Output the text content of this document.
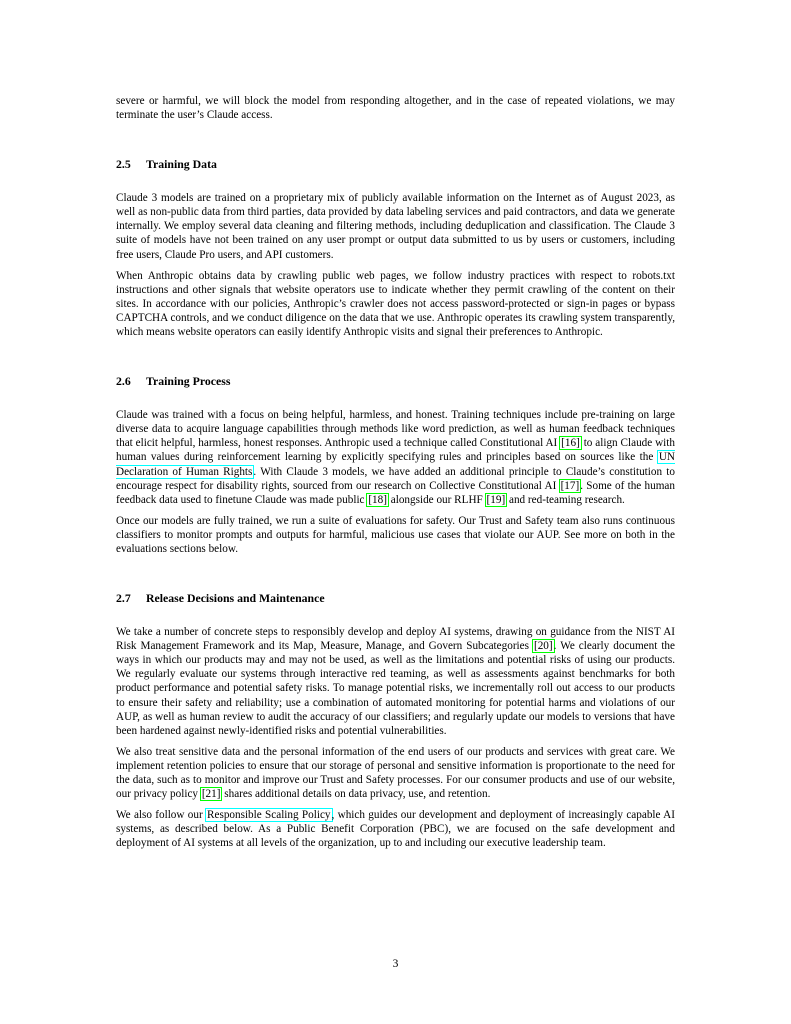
severe or harmful, we will block the model from responding altogether, and in the case of repeated violations, we may terminate the user’s Claude access.

2.5 Training Data

Claude 3 models are trained on a proprietary mix of publicly available information on the Internet as of August 2023, as well as non-public data from third parties, data provided by data labeling services and paid contractors, and data we generate internally. We employ several data cleaning and filtering methods, including deduplication and classification. The Claude 3 suite of models have not been trained on any user prompt or output data submitted to us by users or customers, including free users, Claude Pro users, and API customers.

When Anthropic obtains data by crawling public web pages, we follow industry practices with respect to robots.txt instructions and other signals that website operators use to indicate whether they permit crawling of the content on their sites. In accordance with our policies, Anthropic’s crawler does not access password-protected or sign-in pages or bypass CAPTCHA controls, and we conduct diligence on the data that we use. Anthropic operates its crawling system transparently, which means website operators can easily identify Anthropic visits and signal their preferences to Anthropic.

2.6 Training Process

Claude was trained with a focus on being helpful, harmless, and honest. Training techniques include pre-training on large diverse data to acquire language capabilities through methods like word prediction, as well as human feedback techniques that elicit helpful, harmless, honest responses. Anthropic used a technique called Constitutional AI [16] to align Claude with human values during reinforcement learning by explicitly specifying rules and principles based on sources like the UN Declaration of Human Rights. With Claude 3 models, we have added an additional principle to Claude’s constitution to encourage respect for disability rights, sourced from our research on Collective Constitutional AI [17]. Some of the human feedback data used to finetune Claude was made public [18] alongside our RLHF [19] and red-teaming research.

Once our models are fully trained, we run a suite of evaluations for safety. Our Trust and Safety team also runs continuous classifiers to monitor prompts and outputs for harmful, malicious use cases that violate our AUP. See more on both in the evaluations sections below.

2.7 Release Decisions and Maintenance

We take a number of concrete steps to responsibly develop and deploy AI systems, drawing on guidance from the NIST AI Risk Management Framework and its Map, Measure, Manage, and Govern Subcategories [20]. We clearly document the ways in which our products may and may not be used, as well as the limitations and potential risks of using our products. We regularly evaluate our systems through interactive red teaming, as well as assessments against benchmarks for both product performance and potential safety risks. To manage potential risks, we incrementally roll out access to our products to ensure their safety and reliability; use a combination of automated monitoring for potential harms and violations of our AUP, as well as human review to audit the accuracy of our classifiers; and regularly update our models to versions that have been hardened against newly-identified risks and potential vulnerabilities.

We also treat sensitive data and the personal information of the end users of our products and services with great care. We implement retention policies to ensure that our storage of personal and sensitive information is proportionate to the need for the data, such as to monitor and improve our Trust and Safety processes. For our consumer products and use of our website, our privacy policy [21] shares additional details on data privacy, use, and retention.

We also follow our Responsible Scaling Policy, which guides our development and deployment of increasingly capable AI systems, as described below. As a Public Benefit Corporation (PBC), we are focused on the safe development and deployment of AI systems at all levels of the organization, up to and including our executive leadership team.

3
